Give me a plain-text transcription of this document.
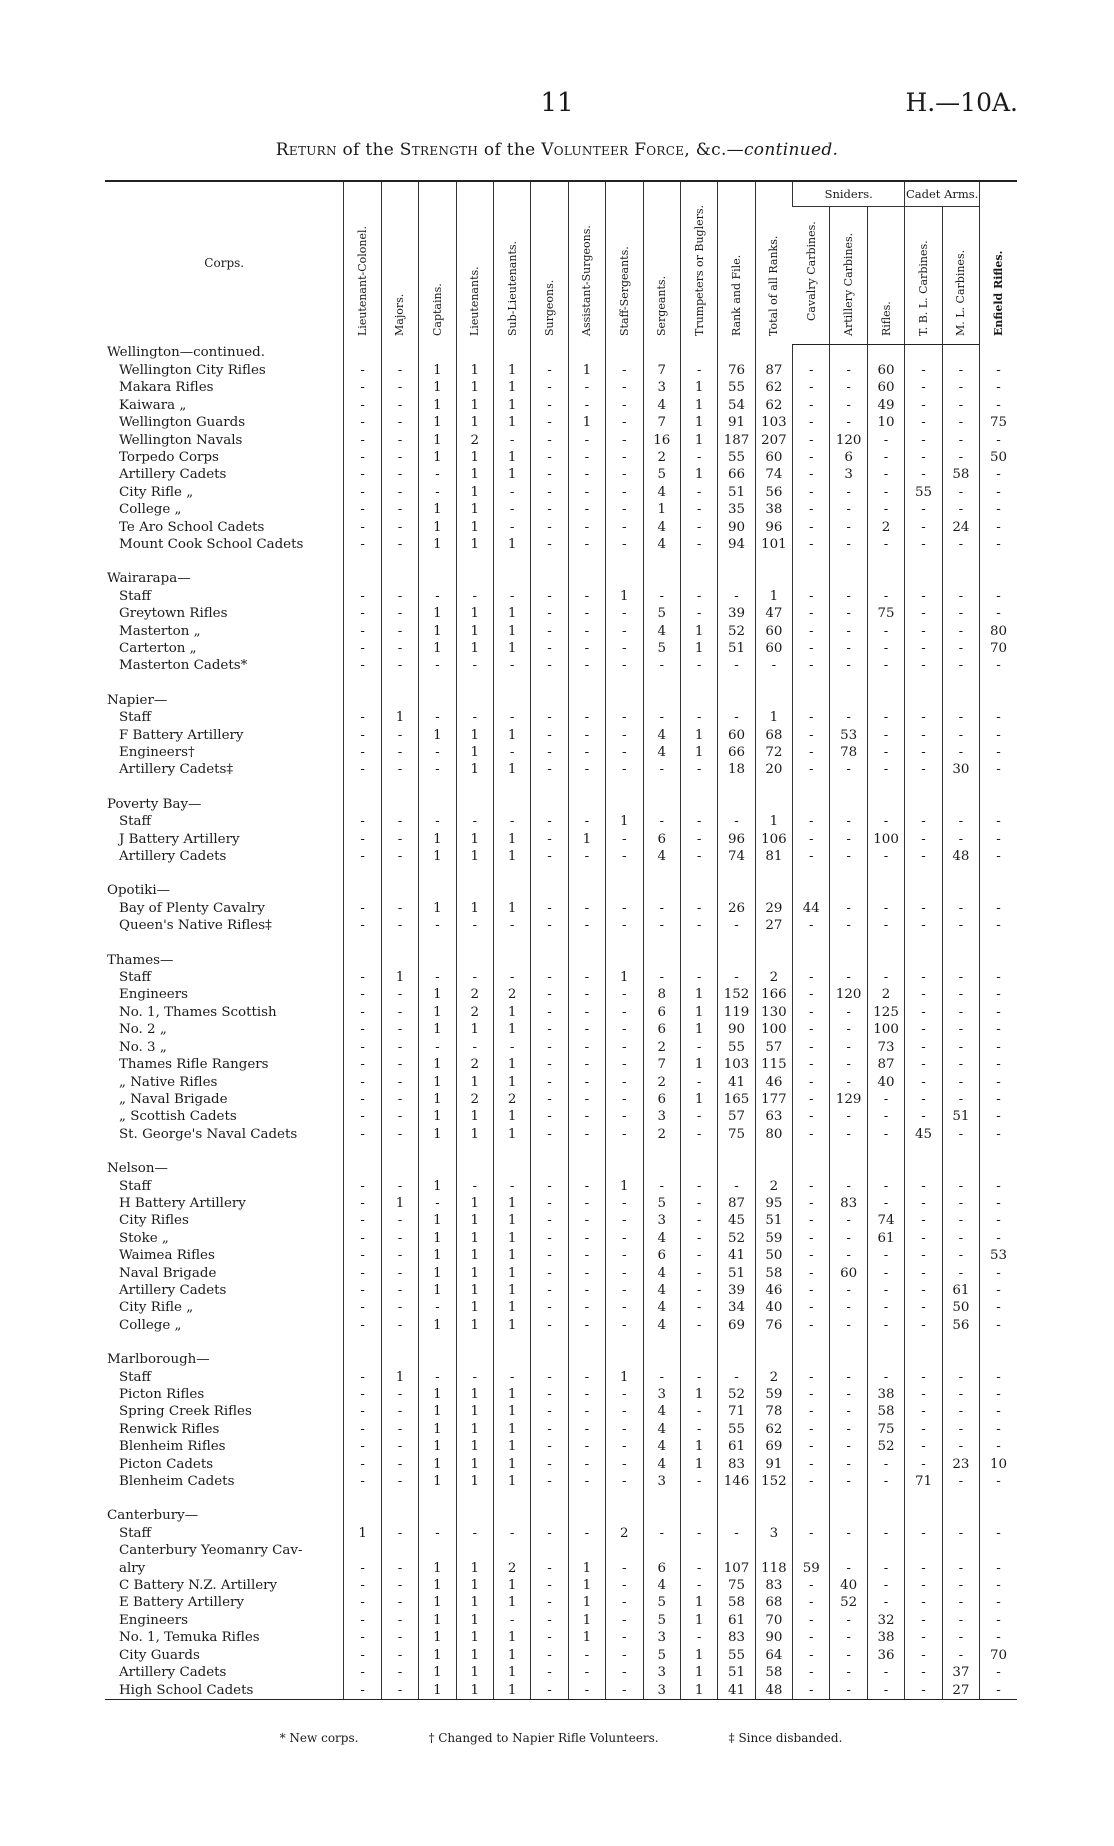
11	H.—10A.
Return of the Strength of the Volunteer Force, &c.—continued.
Corps.	Lieutenant-Colonel.	Majors.	Captains.	Lieutenants.	Sub-Lieutenants.	Surgeons.	Assistant-Surgeons.	Staff-Sergeants.	Sergeants.	Trumpeters or Buglers.	Rank and File.	Total of all Ranks.	Sniders.			Cadet Arms.		Enfield Rifles.
													Cavalry Carbines.	Artillery Carbines.	Rifles.	T. B. L. Carbines.	M. L. Carbines.	
Wellington—continued.																		
Wellington City Rifles	-	-	1	1	1	-	1	-	7	-	76	87	-	-	60	-	-	-
Makara Rifles	-	-	1	1	1	-	-	-	3	1	55	62	-	-	60	-	-	-
Kaiwara „	-	-	1	1	1	-	-	-	4	1	54	62	-	-	49	-	-	-
Wellington Guards	-	-	1	1	1	-	1	-	7	1	91	103	-	-	10	-	-	75
Wellington Navals	-	-	1	2	-	-	-	-	16	1	187	207	-	120	-	-	-	-
Torpedo Corps	-	-	1	1	1	-	-	-	2	-	55	60	-	6	-	-	-	50
Artillery Cadets	-	-	-	1	1	-	-	-	5	1	66	74	-	3	-	-	58	-
City Rifle „	-	-	-	1	-	-	-	-	4	-	51	56	-	-	-	55	-	-
College „	-	-	1	1	-	-	-	-	1	-	35	38	-	-	-	-	-	-
Te Aro School Cadets	-	-	1	1	-	-	-	-	4	-	90	96	-	-	2	-	24	-
Mount Cook School Cadets	-	-	1	1	1	-	-	-	4	-	94	101	-	-	-	-	-	-

Wairarapa—																		
Staff	-	-	-	-	-	-	-	1	-	-	-	1	-	-	-	-	-	-
Greytown Rifles	-	-	1	1	1	-	-	-	5	-	39	47	-	-	75	-	-	-
Masterton „	-	-	1	1	1	-	-	-	4	1	52	60	-	-	-	-	-	80
Carterton „	-	-	1	1	1	-	-	-	5	1	51	60	-	-	-	-	-	70
Masterton Cadets*	-	-	-	-	-	-	-	-	-	-	-	-	-	-	-	-	-	-

Napier—																		
Staff	-	1	-	-	-	-	-	-	-	-	-	1	-	-	-	-	-	-
F Battery Artillery	-	-	1	1	1	-	-	-	4	1	60	68	-	53	-	-	-	-
Engineers†	-	-	-	1	-	-	-	-	4	1	66	72	-	78	-	-	-	-
Artillery Cadets‡	-	-	-	1	1	-	-	-	-	-	18	20	-	-	-	-	30	-

Poverty Bay—																		
Staff	-	-	-	-	-	-	-	1	-	-	-	1	-	-	-	-	-	-
J Battery Artillery	-	-	1	1	1	-	1	-	6	-	96	106	-	-	100	-	-	-
Artillery Cadets	-	-	1	1	1	-	-	-	4	-	74	81	-	-	-	-	48	-

Opotiki—																		
Bay of Plenty Cavalry	-	-	1	1	1	-	-	-	-	-	26	29	44	-	-	-	-	-
Queen's Native Rifles‡	-	-	-	-	-	-	-	-	-	-	-	27	-	-	-	-	-	-

Thames—																		
Staff	-	1	-	-	-	-	-	1	-	-	-	2	-	-	-	-	-	-
Engineers	-	-	1	2	2	-	-	-	8	1	152	166	-	120	2	-	-	-
No. 1, Thames Scottish	-	-	1	2	1	-	-	-	6	1	119	130	-	-	125	-	-	-
No. 2 „	-	-	1	1	1	-	-	-	6	1	90	100	-	-	100	-	-	-
No. 3 „	-	-	-	-	-	-	-	-	2	-	55	57	-	-	73	-	-	-
Thames Rifle Rangers	-	-	1	2	1	-	-	-	7	1	103	115	-	-	87	-	-	-
„ Native Rifles	-	-	1	1	1	-	-	-	2	-	41	46	-	-	40	-	-	-
„ Naval Brigade	-	-	1	2	2	-	-	-	6	1	165	177	-	129	-	-	-	-
„ Scottish Cadets	-	-	1	1	1	-	-	-	3	-	57	63	-	-	-	-	51	-
St. George's Naval Cadets	-	-	1	1	1	-	-	-	2	-	75	80	-	-	-	45	-	-

Nelson—																		
Staff	-	-	1	-	-	-	-	1	-	-	-	2	-	-	-	-	-	-
H Battery Artillery	-	1	-	1	1	-	-	-	5	-	87	95	-	83	-	-	-	-
City Rifles	-	-	1	1	1	-	-	-	3	-	45	51	-	-	74	-	-	-
Stoke „	-	-	1	1	1	-	-	-	4	-	52	59	-	-	61	-	-	-
Waimea Rifles	-	-	1	1	1	-	-	-	6	-	41	50	-	-	-	-	-	53
Naval Brigade	-	-	1	1	1	-	-	-	4	-	51	58	-	60	-	-	-	-
Artillery Cadets	-	-	1	1	1	-	-	-	4	-	39	46	-	-	-	-	61	-
City Rifle „	-	-	-	1	1	-	-	-	4	-	34	40	-	-	-	-	50	-
College „	-	-	1	1	1	-	-	-	4	-	69	76	-	-	-	-	56	-

Marlborough—																		
Staff	-	1	-	-	-	-	-	1	-	-	-	2	-	-	-	-	-	-
Picton Rifles	-	-	1	1	1	-	-	-	3	1	52	59	-	-	38	-	-	-
Spring Creek Rifles	-	-	1	1	1	-	-	-	4	-	71	78	-	-	58	-	-	-
Renwick Rifles	-	-	1	1	1	-	-	-	4	-	55	62	-	-	75	-	-	-
Blenheim Rifles	-	-	1	1	1	-	-	-	4	1	61	69	-	-	52	-	-	-
Picton Cadets	-	-	1	1	1	-	-	-	4	1	83	91	-	-	-	-	23	10
Blenheim Cadets	-	-	1	1	1	-	-	-	3	-	146	152	-	-	-	71	-	-

Canterbury—																		
Staff	1	-	-	-	-	-	-	2	-	-	-	3	-	-	-	-	-	-
Canterbury Yeomanry Cav-																		
alry	-	-	1	1	2	-	1	-	6	-	107	118	59	-	-	-	-	-
C Battery N.Z. Artillery	-	-	1	1	1	-	1	-	4	-	75	83	-	40	-	-	-	-
E Battery Artillery	-	-	1	1	1	-	1	-	5	1	58	68	-	52	-	-	-	-
Engineers	-	-	1	1	-	-	1	-	5	1	61	70	-	-	32	-	-	-
No. 1, Temuka Rifles	-	-	1	1	1	-	1	-	3	-	83	90	-	-	38	-	-	-
City Guards	-	-	1	1	1	-	-	-	5	1	55	64	-	-	36	-	-	70
Artillery Cadets	-	-	1	1	1	-	-	-	3	1	51	58	-	-	-	-	37	-
High School Cadets	-	-	1	1	1	-	-	-	3	1	41	48	-	-	-	-	27	-
* New corps.	† Changed to Napier Rifle Volunteers.	‡ Since disbanded.
